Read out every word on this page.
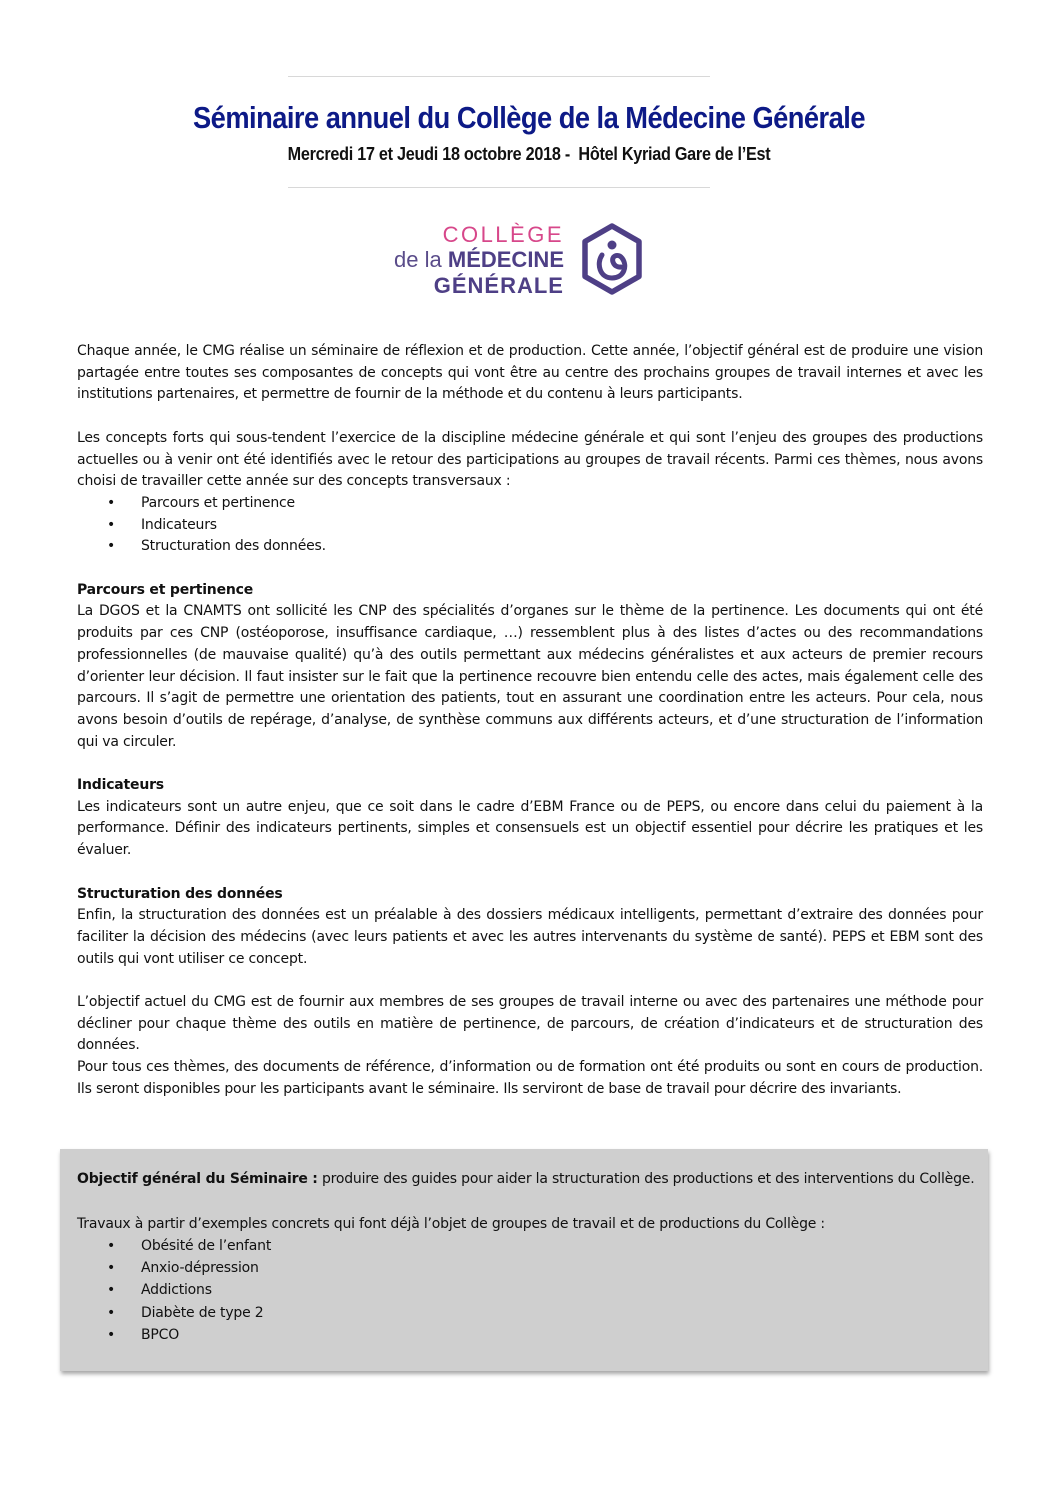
Séminaire annuel du Collège de la Médecine Générale
Mercredi 17 et Jeudi 18 octobre 2018 -  Hôtel Kyriad Gare de l’Est
COLLÈGE
de la MÉDECINE
GÉNÉRALE

Chaque année, le CMG réalise un séminaire de réflexion et de production. Cette année, l’objectif général est de produire une vision partagée entre toutes ses composantes de concepts qui vont être au centre des prochains groupes de travail internes et avec les institutions partenaires, et permettre de fournir de la méthode et du contenu à leurs participants.

Les concepts forts qui sous-tendent l’exercice de la discipline médecine générale et qui sont l’enjeu des groupes des productions actuelles ou à venir ont été identifiés avec le retour des participations au groupes de travail récents. Parmi ces thèmes, nous avons choisi de travailler cette année sur des concepts transversaux :

• Parcours et pertinence
• Indicateurs
• Structuration des données.

Parcours et pertinence

La DGOS et la CNAMTS ont sollicité les CNP des spécialités d’organes sur le thème de la pertinence. Les documents qui ont été produits par ces CNP (ostéoporose, insuffisance cardiaque, …) ressemblent plus à des listes d’actes ou des recommandations professionnelles (de mauvaise qualité) qu’à des outils permettant aux médecins généralistes et aux acteurs de premier recours d’orienter leur décision. Il faut insister sur le fait que la pertinence recouvre bien entendu celle des actes, mais également celle des parcours. Il s’agit de permettre une orientation des patients, tout en assurant une coordination entre les acteurs. Pour cela, nous avons besoin d’outils de repérage, d’analyse, de synthèse communs aux différents acteurs, et d’une structuration de l’information qui va circuler.

Indicateurs

Les indicateurs sont un autre enjeu, que ce soit dans le cadre d’EBM France ou de PEPS, ou encore dans celui du paiement à la performance. Définir des indicateurs pertinents, simples et consensuels est un objectif essentiel pour décrire les pratiques et les évaluer.

Structuration des données

Enfin, la structuration des données est un préalable à des dossiers médicaux intelligents, permettant d’extraire des données pour faciliter la décision des médecins (avec leurs patients et avec les autres intervenants du système de santé). PEPS et EBM sont des outils qui vont utiliser ce concept.

L’objectif actuel du CMG est de fournir aux membres de ses groupes de travail interne ou avec des partenaires une méthode pour décliner pour chaque thème des outils en matière de pertinence, de parcours, de création d’indicateurs et de structuration des données.

Pour tous ces thèmes, des documents de référence, d’information ou de formation ont été produits ou sont en cours de production. Ils seront disponibles pour les participants avant le séminaire. Ils serviront de base de travail pour décrire des invariants.

Objectif général du Séminaire : produire des guides pour aider la structuration des productions et des interventions du Collège.

Travaux à partir d’exemples concrets qui font déjà l’objet de groupes de travail et de productions du Collège :

• Obésité de l’enfant
• Anxio-dépression
• Addictions
• Diabète de type 2
• BPCO
